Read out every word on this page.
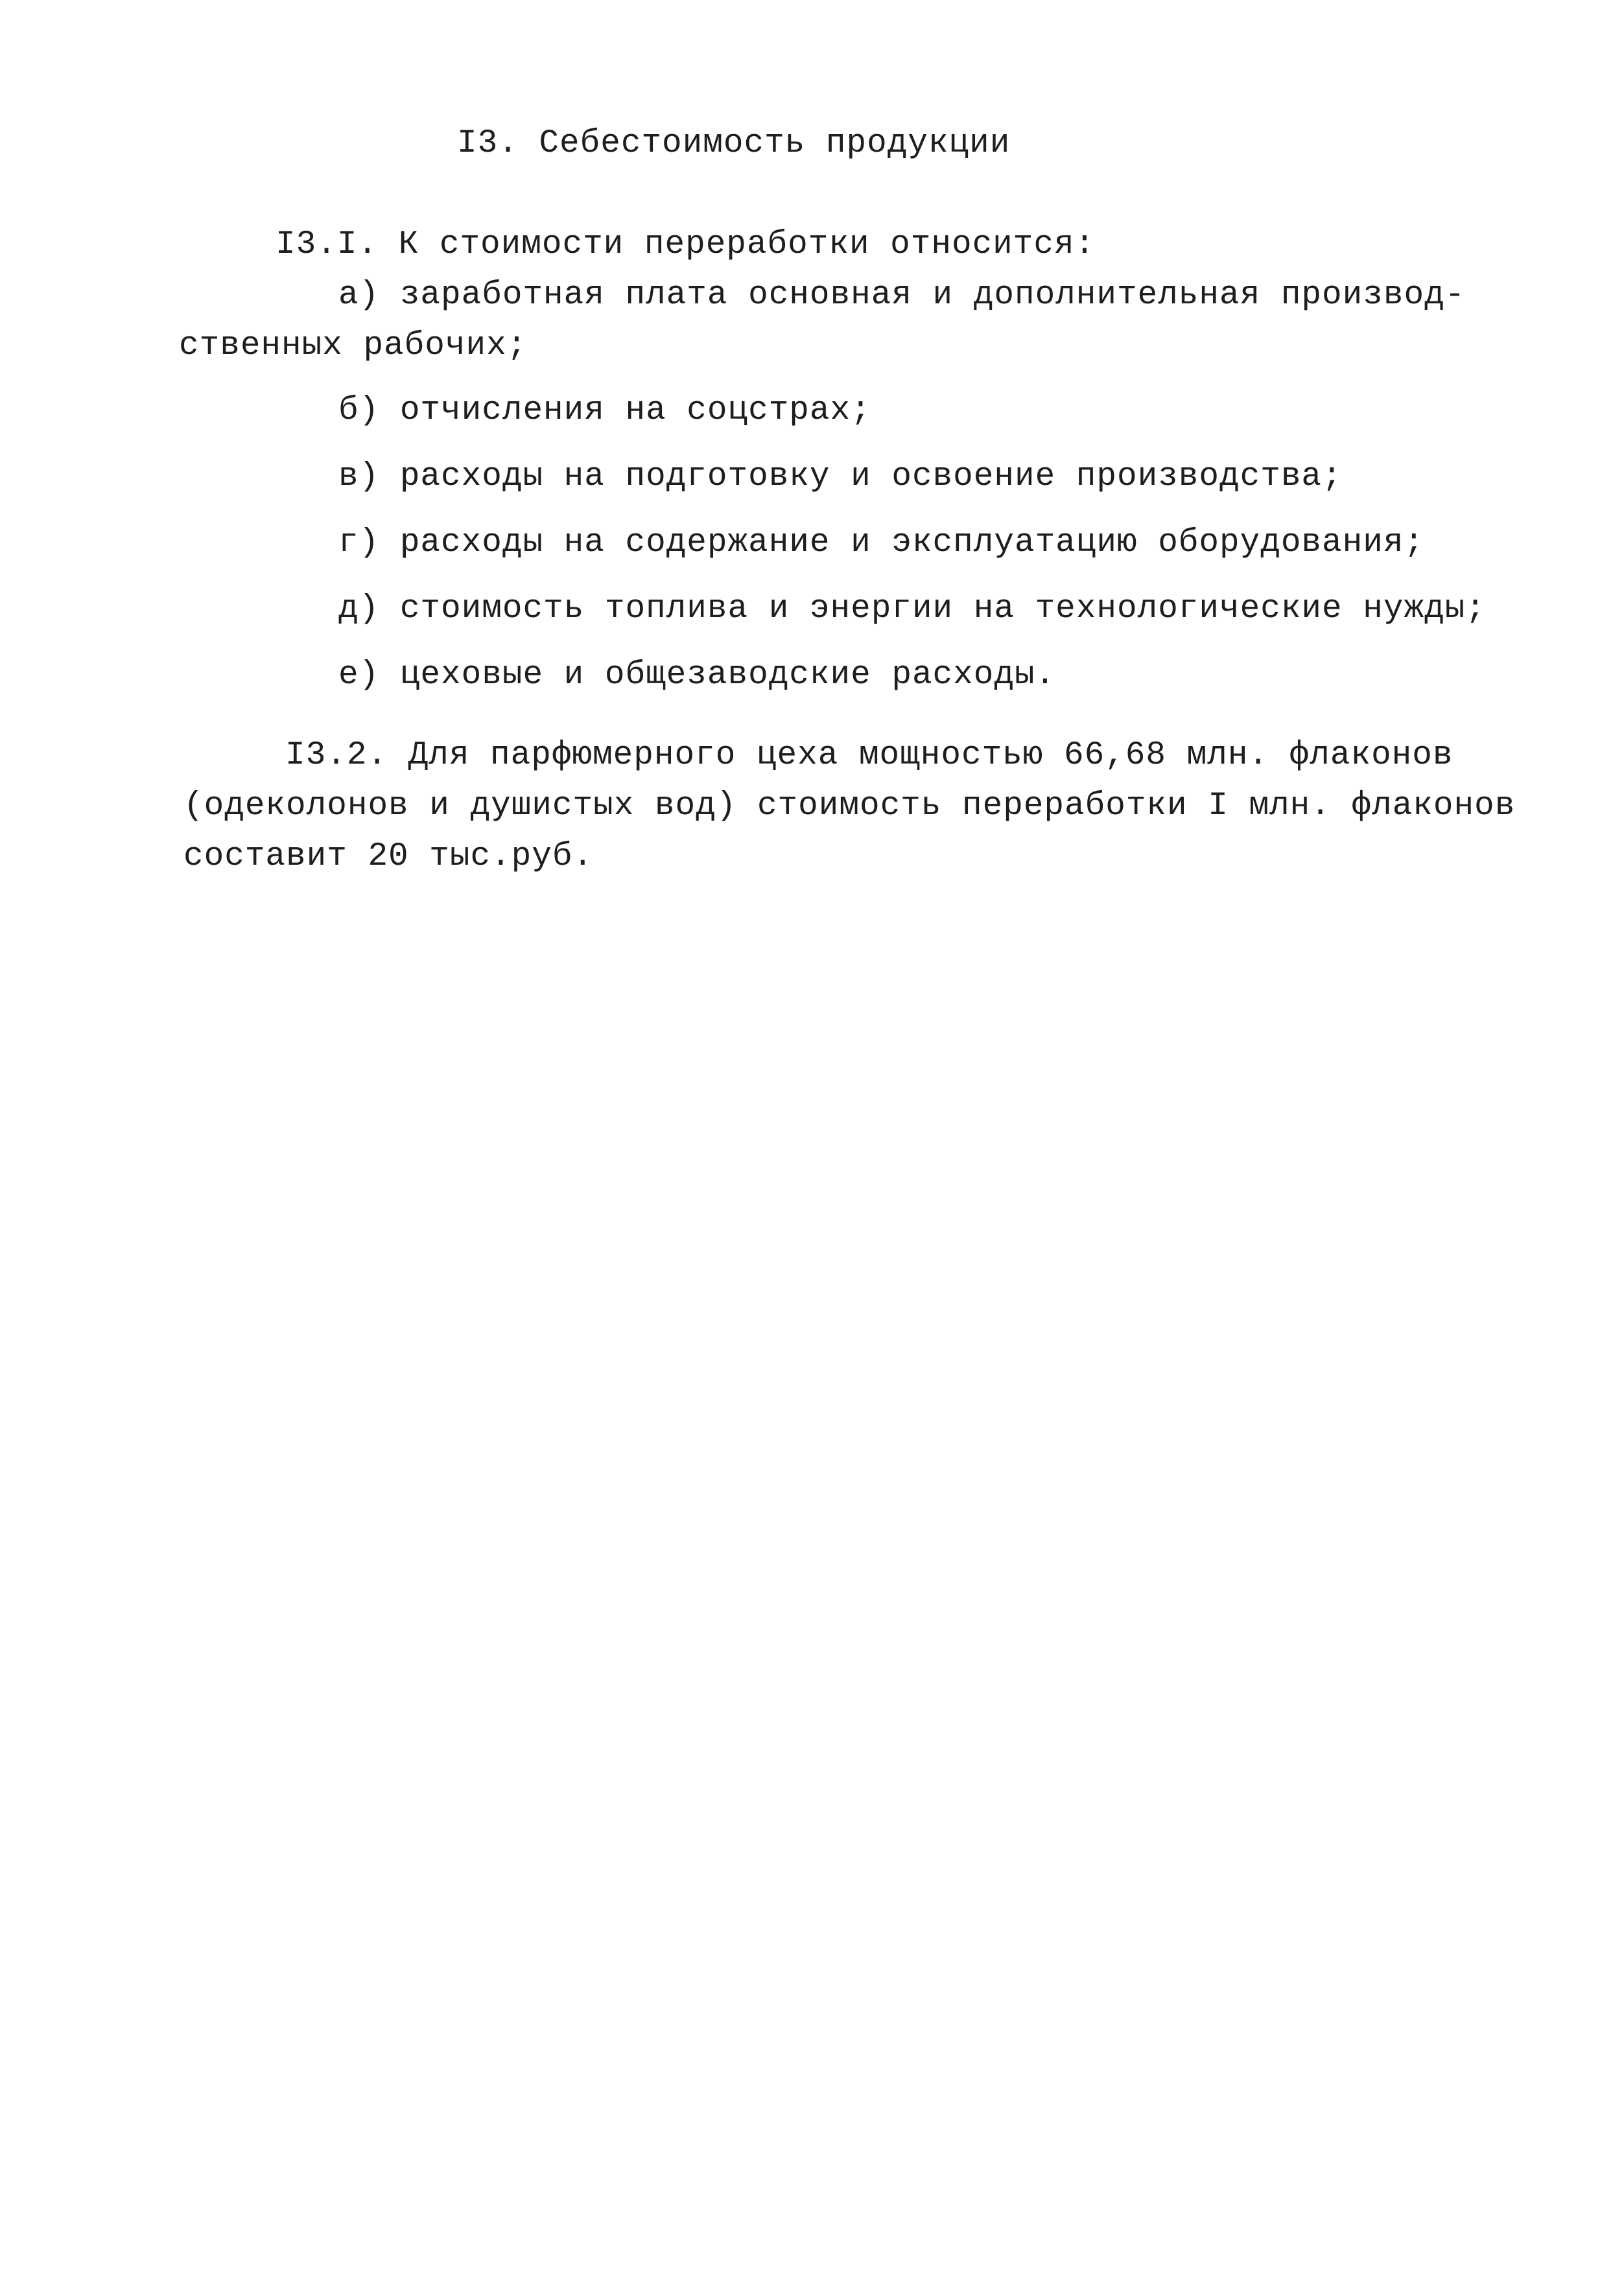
I3. Себестоимость продукции
I3.I. К стоимости переработки относится:
а) заработная плата основная и дополнительная производ-
ственных рабочих;
б) отчисления на соцстрах;
в) расходы на подготовку и освоение производства;
г) расходы на содержание и эксплуатацию оборудования;
д) стоимость топлива и энергии на технологические нужды;
е) цеховые и общезаводские расходы.
I3.2. Для парфюмерного цеха мощностью 66,68 млн. флаконов
(одеколонов и душистых вод) стоимость переработки I млн. флаконов
составит 20 тыс.руб.
